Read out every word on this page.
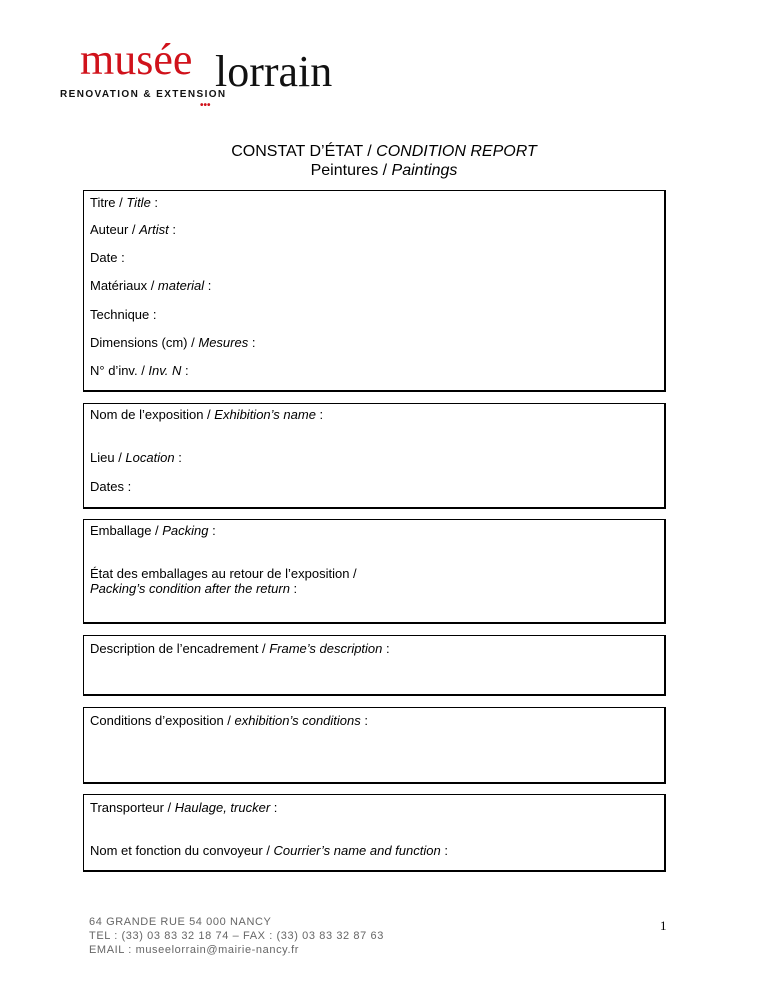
musée lorrain
RENOVATION & EXTENSION
•••
CONSTAT D’ÉTAT / CONDITION REPORT
Peintures / Paintings
Titre / Title :
Auteur / Artist :
Date :
Matériaux / material :
Technique :
Dimensions (cm) / Mesures :
N° d’inv. / Inv. N :
Nom de l’exposition / Exhibition’s name :
Lieu / Location :
Dates :
Emballage / Packing :
État des emballages au retour de l’exposition /
Packing’s condition after the return :
Description de l’encadrement / Frame’s description :
Conditions d’exposition / exhibition’s conditions :
Transporteur / Haulage, trucker :
Nom et fonction du convoyeur / Courrier’s name and function :
64 GRANDE RUE 54 000 NANCY
TEL : (33) 03 83 32 18 74 – FAX : (33) 03 83 32 87 63
EMAIL : museelorrain@mairie-nancy.fr
1
